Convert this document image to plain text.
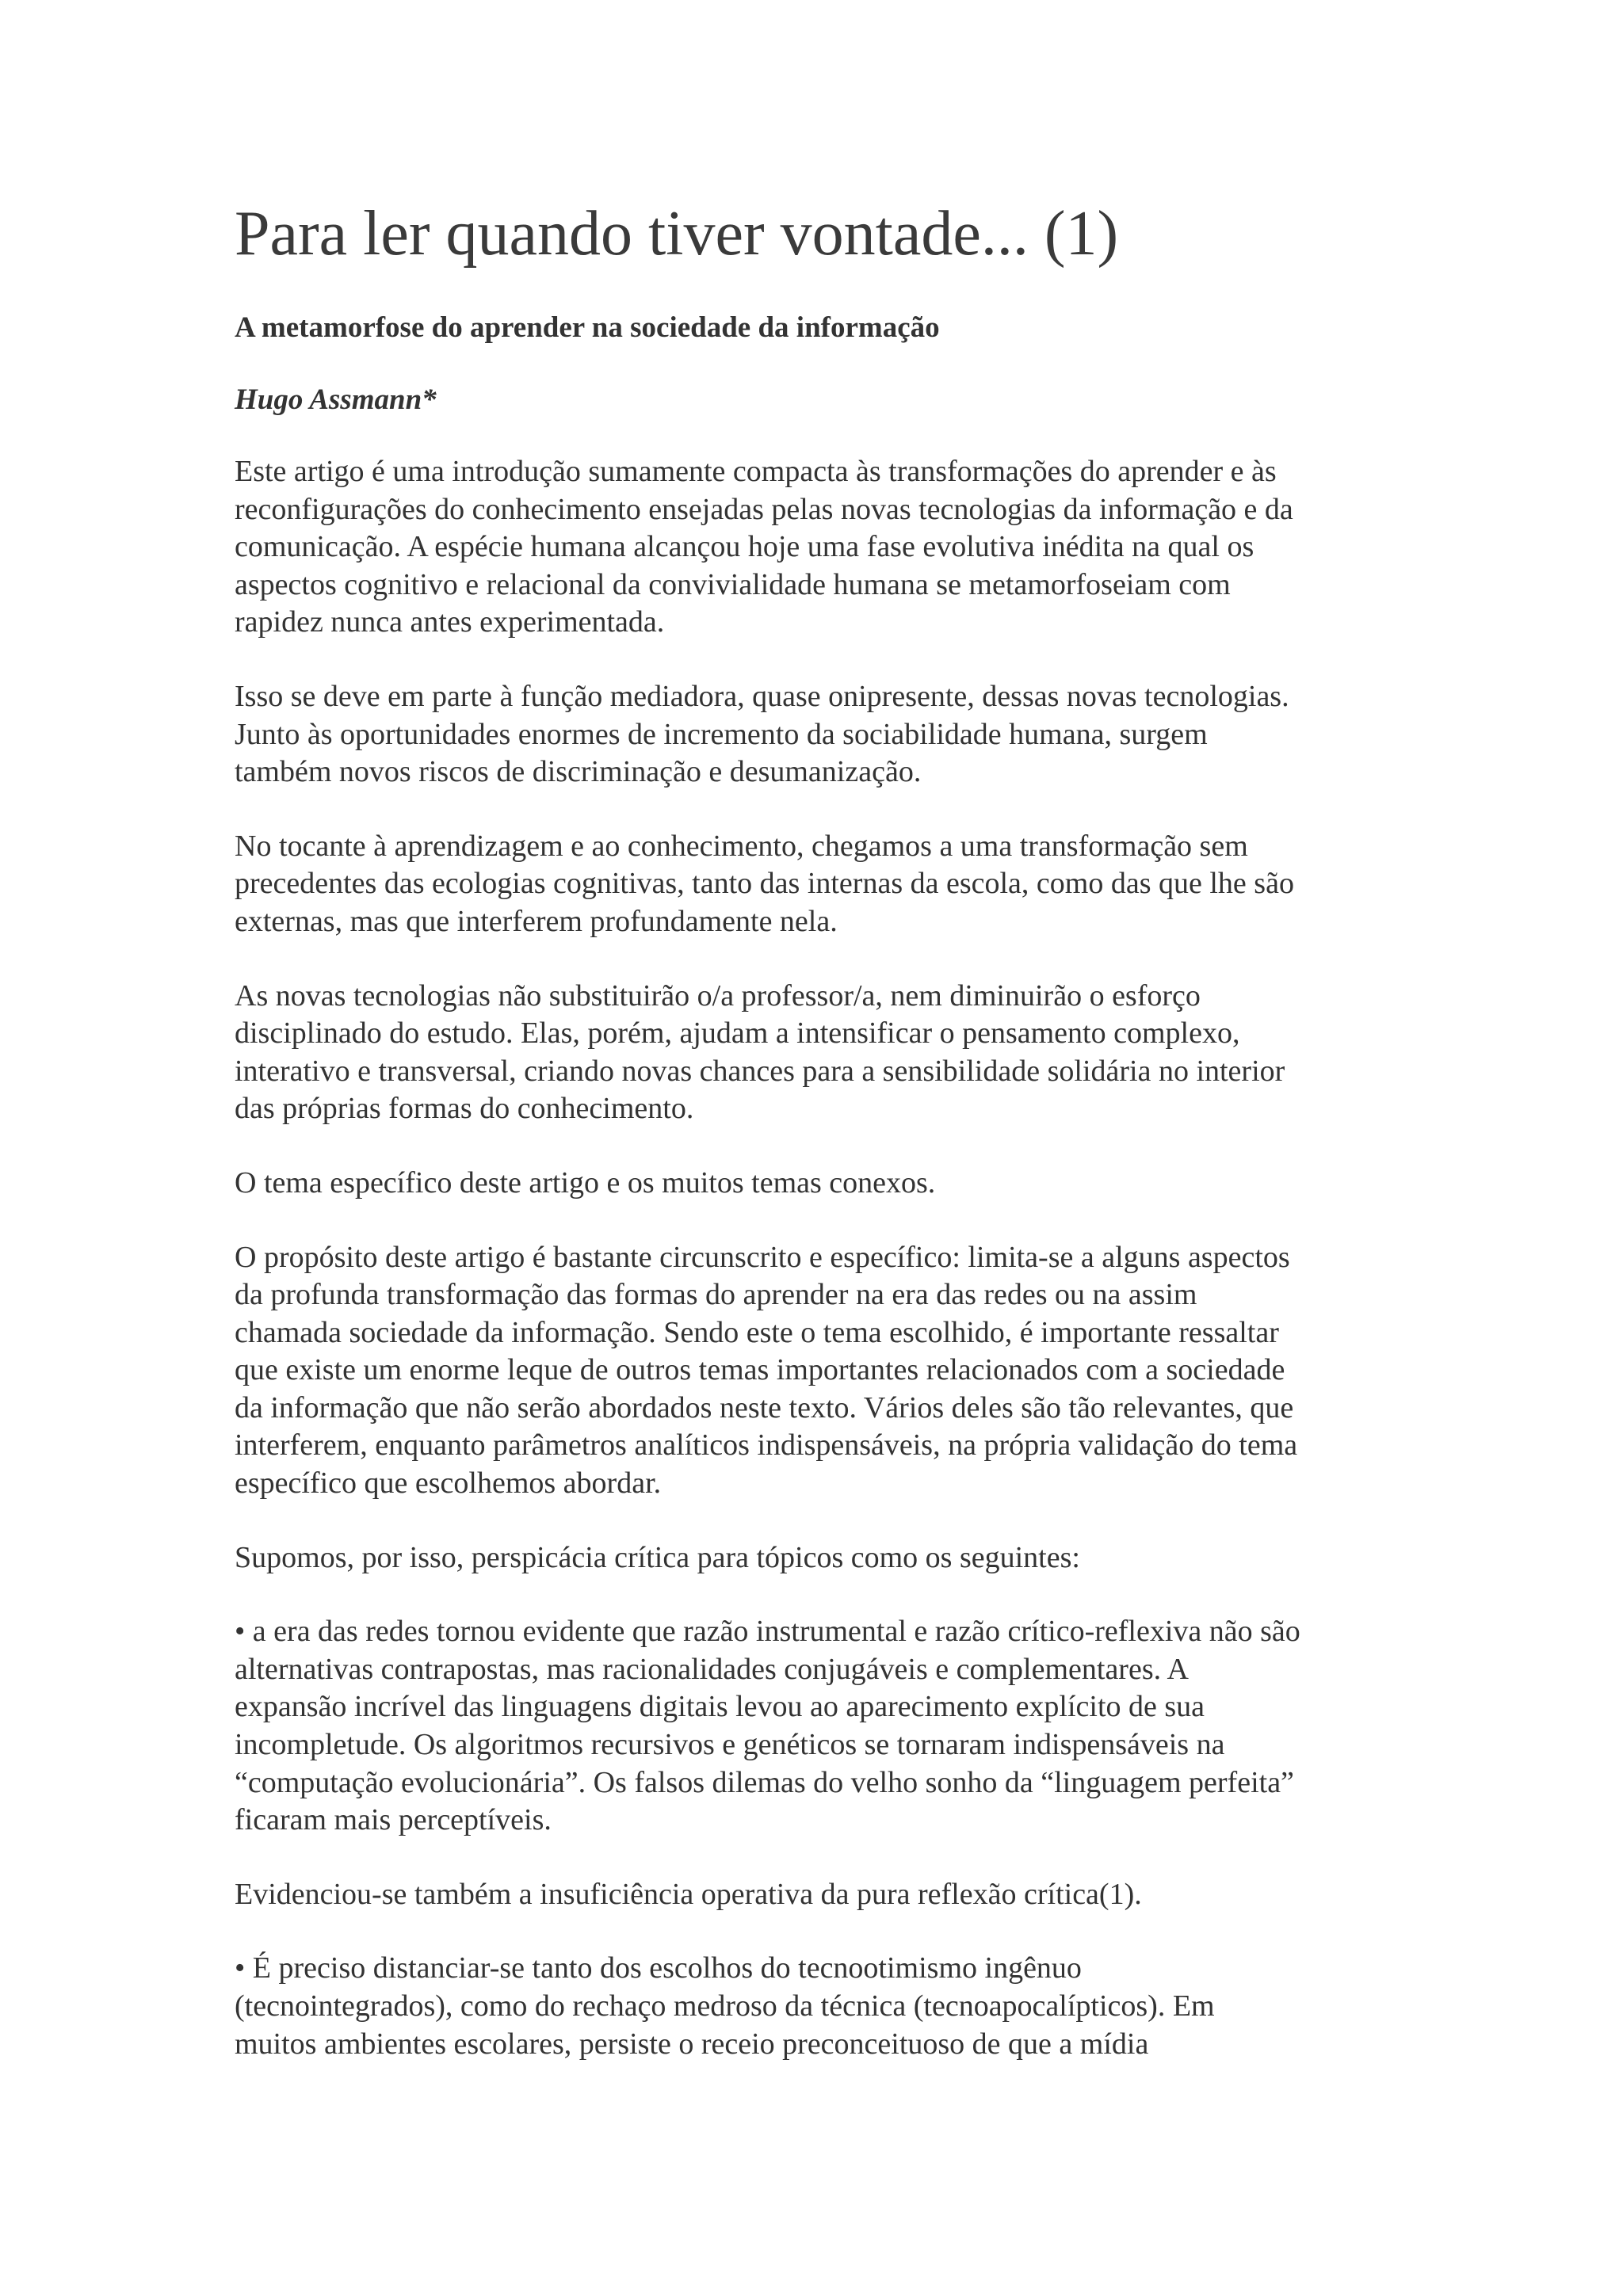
Para ler quando tiver vontade... (1)
A metamorfose do aprender na sociedade da informação
Hugo Assmann*
Este artigo é uma introdução sumamente compacta às transformações do aprender e às
reconfigurações do conhecimento ensejadas pelas novas tecnologias da informação e da
comunicação. A espécie humana alcançou hoje uma fase evolutiva inédita na qual os
aspectos cognitivo e relacional da convivialidade humana se metamorfoseiam com
rapidez nunca antes experimentada.
Isso se deve em parte à função mediadora, quase onipresente, dessas novas tecnologias.
Junto às oportunidades enormes de incremento da sociabilidade humana, surgem
também novos riscos de discriminação e desumanização.
No tocante à aprendizagem e ao conhecimento, chegamos a uma transformação sem
precedentes das ecologias cognitivas, tanto das internas da escola, como das que lhe são
externas, mas que interferem profundamente nela.
As novas tecnologias não substituirão o/a professor/a, nem diminuirão o esforço
disciplinado do estudo. Elas, porém, ajudam a intensificar o pensamento complexo,
interativo e transversal, criando novas chances para a sensibilidade solidária no interior
das próprias formas do conhecimento.
O tema específico deste artigo e os muitos temas conexos.
O propósito deste artigo é bastante circunscrito e específico: limita-se a alguns aspectos
da profunda transformação das formas do aprender na era das redes ou na assim
chamada sociedade da informação. Sendo este o tema escolhido, é importante ressaltar
que existe um enorme leque de outros temas importantes relacionados com a sociedade
da informação que não serão abordados neste texto. Vários deles são tão relevantes, que
interferem, enquanto parâmetros analíticos indispensáveis, na própria validação do tema
específico que escolhemos abordar.
Supomos, por isso, perspicácia crítica para tópicos como os seguintes:
• a era das redes tornou evidente que razão instrumental e razão crítico-reflexiva não são
alternativas contrapostas, mas racionalidades conjugáveis e complementares. A
expansão incrível das linguagens digitais levou ao aparecimento explícito de sua
incompletude. Os algoritmos recursivos e genéticos se tornaram indispensáveis na
“computação evolucionária”. Os falsos dilemas do velho sonho da “linguagem perfeita”
ficaram mais perceptíveis.
Evidenciou-se também a insuficiência operativa da pura reflexão crítica(1).
• É preciso distanciar-se tanto dos escolhos do tecnootimismo ingênuo
(tecnointegrados), como do rechaço medroso da técnica (tecnoapocalípticos). Em
muitos ambientes escolares, persiste o receio preconceituoso de que a mídia
